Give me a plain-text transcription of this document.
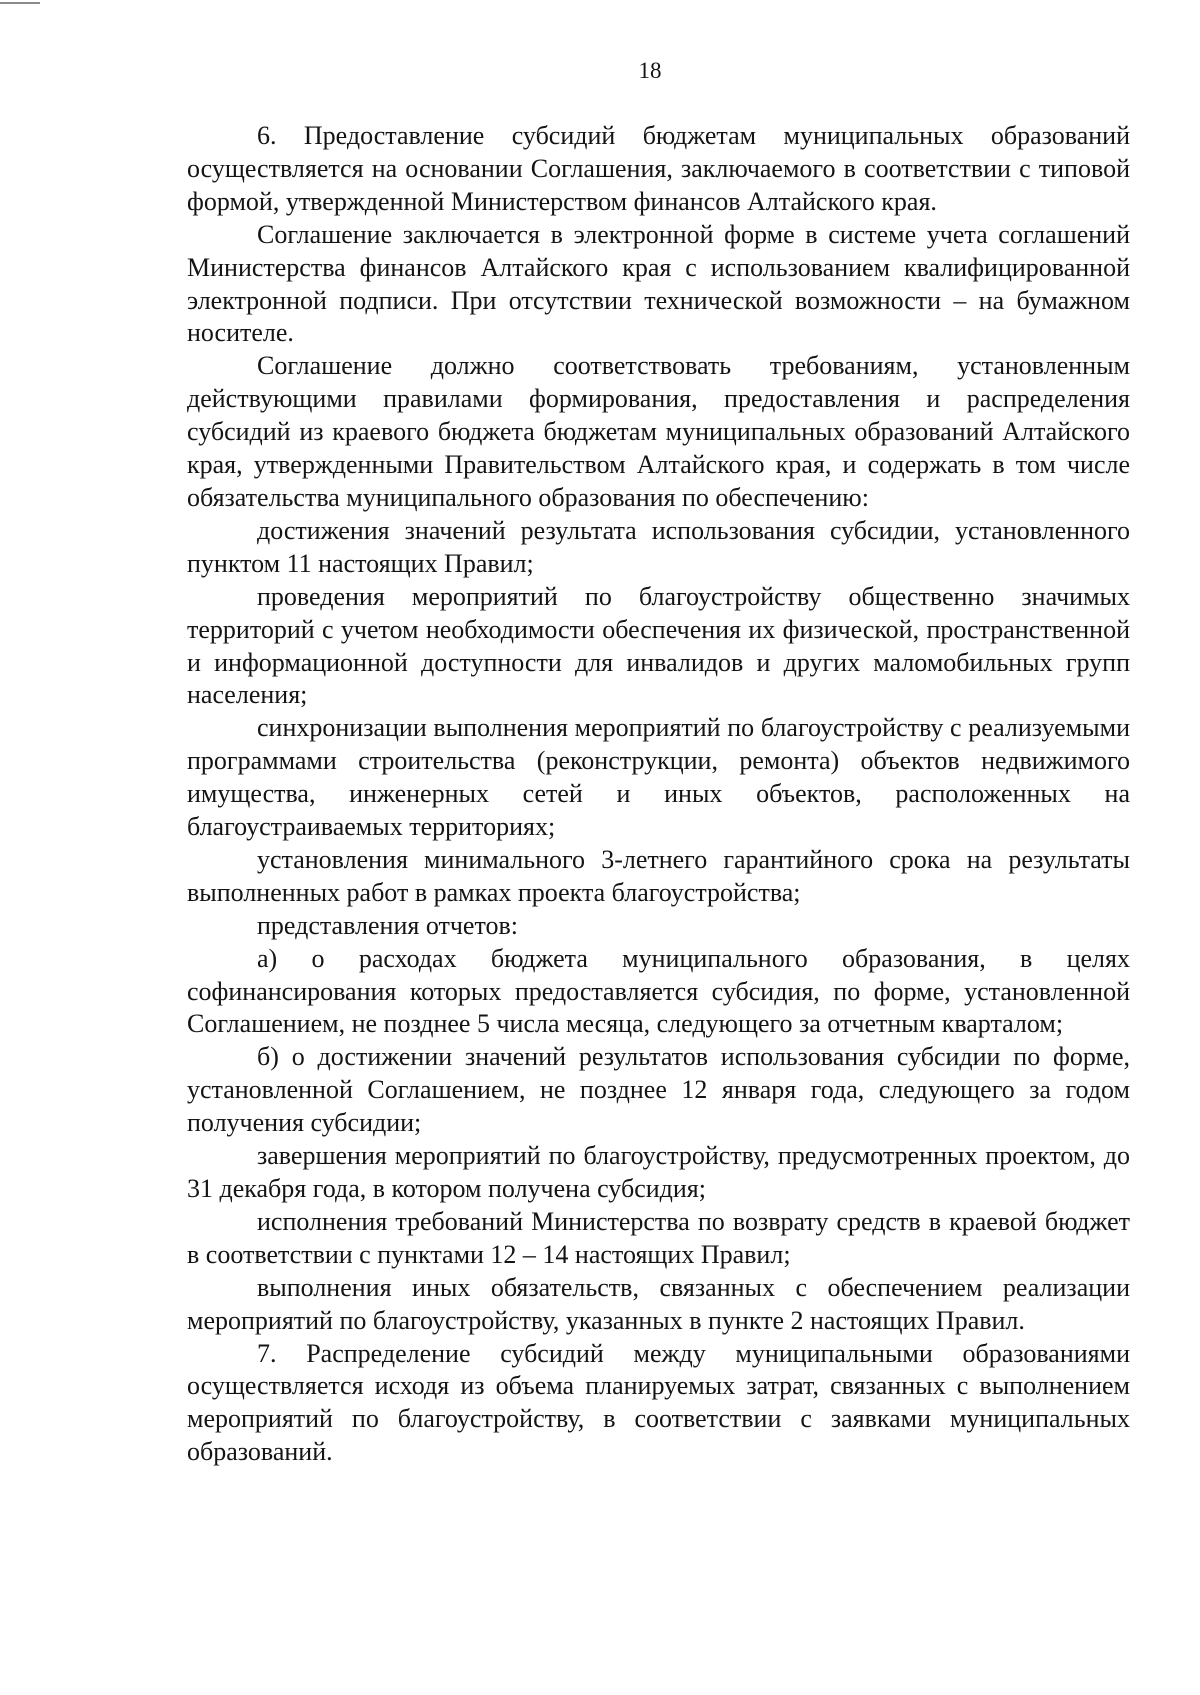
18

6. Предоставление субсидий бюджетам муниципальных образований осуществляется на основании Соглашения, заключаемого в соответствии с типовой формой, утвержденной Министерством финансов Алтайского края.

Соглашение заключается в электронной форме в системе учета соглашений Министерства финансов Алтайского края с использованием квалифицированной электронной подписи. При отсутствии технической возможности – на бумажном носителе.

Соглашение должно соответствовать требованиям, установленным действующими правилами формирования, предоставления и распределения субсидий из краевого бюджета бюджетам муниципальных образований Алтайского края, утвержденными Правительством Алтайского края, и содержать в том числе обязательства муниципального образования по обеспечению:

достижения значений результата использования субсидии, установленного пунктом 11 настоящих Правил;

проведения мероприятий по благоустройству общественно значимых территорий с учетом необходимости обеспечения их физической, пространственной и информационной доступности для инвалидов и других маломобильных групп населения;

синхронизации выполнения мероприятий по благоустройству с реализуемыми программами строительства (реконструкции, ремонта) объектов недвижимого имущества, инженерных сетей и иных объектов, расположенных на благоустраиваемых территориях;

установления минимального 3-летнего гарантийного срока на результаты выполненных работ в рамках проекта благоустройства;

представления отчетов:

а) о расходах бюджета муниципального образования, в целях софинансирования которых предоставляется субсидия, по форме, установленной Соглашением, не позднее 5 числа месяца, следующего за отчетным кварталом;

б) о достижении значений результатов использования субсидии по форме, установленной Соглашением, не позднее 12 января года, следующего за годом получения субсидии;

завершения мероприятий по благоустройству, предусмотренных проектом, до 31 декабря года, в котором получена субсидия;

исполнения требований Министерства по возврату средств в краевой бюджет в соответствии с пунктами 12 – 14 настоящих Правил;

выполнения иных обязательств, связанных с обеспечением реализации мероприятий по благоустройству, указанных в пункте 2 настоящих Правил.

7. Распределение субсидий между муниципальными образованиями осуществляется исходя из объема планируемых затрат, связанных с выполнением мероприятий по благоустройству, в соответствии с заявками муниципальных образований.
